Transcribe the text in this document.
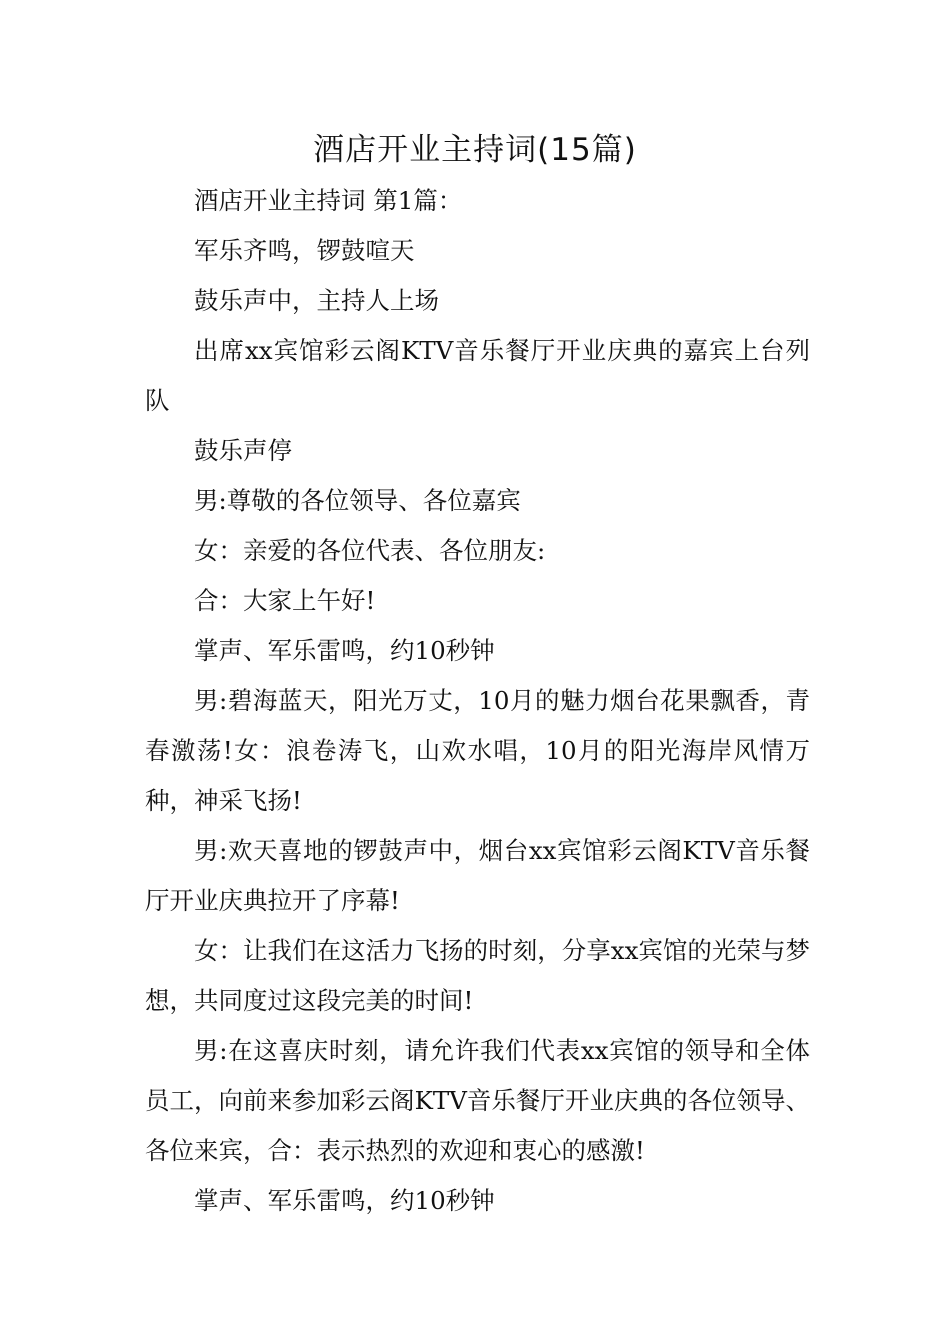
酒店开业主持词(15篇)

酒店开业主持词 第1篇：

军乐齐鸣，锣鼓喧天

鼓乐声中，主持人上场

出席xx宾馆彩云阁KTV音乐餐厅开业庆典的嘉宾上台列队

鼓乐声停

男:尊敬的各位领导、各位嘉宾

女：亲爱的各位代表、各位朋友:

合：大家上午好!

掌声、军乐雷鸣，约10秒钟

男:碧海蓝天，阳光万丈，10月的魅力烟台花果飘香，青春激荡!女：浪卷涛飞，山欢水唱，10月的阳光海岸风情万种，神采飞扬!

男:欢天喜地的锣鼓声中，烟台xx宾馆彩云阁KTV音乐餐厅开业庆典拉开了序幕!

女：让我们在这活力飞扬的时刻，分享xx宾馆的光荣与梦想，共同度过这段完美的时间!

男:在这喜庆时刻，请允许我们代表xx宾馆的领导和全体员工，向前来参加彩云阁KTV音乐餐厅开业庆典的各位领导、各位来宾，合：表示热烈的欢迎和衷心的感激!

掌声、军乐雷鸣，约10秒钟
